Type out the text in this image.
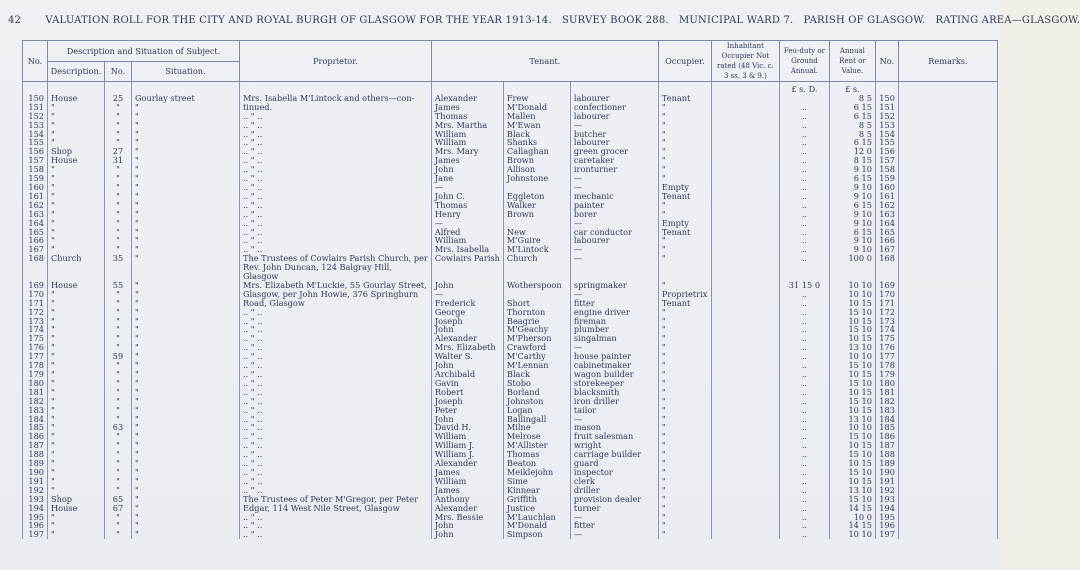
42 VALUATION ROLL FOR THE CITY AND ROYAL BURGH OF GLASGOW FOR THE YEAR 1913-14. SURVEY BOOK 288. MUNICIPAL WARD 7. PARISH OF GLASGOW. RATING AREA—GLASGOW.
No.	Description and Situation of Subject.			Proprietor.	Tenant.			Occupier.	Inhabitant Occupier Not rated (48 Vic. c. 3 ss. 3 & 9.)	Feu-duty or Ground Annual.	Annual Rent or Value.	No.	Remarks.
	Description.	No.	Situation.										
										£ s. D.	£ s.		
150	House	25	Gourlay street	Mrs. Isabella M'Lintock and others—con-	Alexander	Frew	labourer	Tenant			8 5	150	
151	"	"	"	tinued.	James	M'Donald	confectioner	"		..	6 15	151	
152	"	"	"	.. " ..	Thomas	Mallen	labourer	"		..	6 15	152	
153	"	"	"	.. " ..	Mrs. Martha	M'Ewan	—	"		..	8 5	153	
154	"	"	"	.. " ..	William	Black	butcher	"		..	8 5	154	
155	"	"	"	.. " ..	William	Shanks	labourer	"		..	6 15	155	
156	Shop	27	"	.. " ..	Mrs. Mary	Callaghan	green grocer	"		..	12 0	156	
157	House	31	"	.. " ..	James	Brown	caretaker	"		..	8 15	157	
158	"	"	"	.. " ..	John	Allison	ironturner	"		..	9 10	158	
159	"	"	"	.. " ..	Jane	Johnstone	—	"		..	6 15	159	
160	"	"	"	.. " ..	—		—	Empty		..	9 10	160	
161	"	"	"	.. " ..	John C.	Eggleton	mechanic	Tenant		..	9 10	161	
162	"	"	"	.. " ..	Thomas	Walker	painter	"		..	6 15	162	
163	"	"	"	.. " ..	Henry	Brown	borer	"		..	9 10	163	
164	"	"	"	.. " ..	—		—	Empty		..	9 10	164	
165	"	"	"	.. " ..	Alfred	New	car conductor	Tenant		..	6 15	165	
166	"	"	"	.. " ..	William	M'Guire	labourer	"		..	9 10	166	
167	"	"	"	.. " ..	Mrs. Isabella	M'Lintock	—	"		..	9 10	167	
168	Church	35	"	The Trustees of Cowlairs Parish Church, per	Cowlairs Parish	Church	—	"		..	100 0	168	
				Rev. John Duncan, 124 Balgray Hill,									
				Glasgow									
169	House	55	"	Mrs. Elizabeth M'Luckie, 55 Gourlay Street,	John	Wotherspoon	springmaker	"		31 15 0	10 10	169	
170	"	"	"	Glasgow, per John Howie, 376 Springburn	—		—	Proprietrix		..	10 10	170	
171	"	"	"	Road, Glasgow	Frederick	Short	fitter	Tenant		..	10 15	171	
172	"	"	"	.. " ..	George	Thornton	engine driver	"		..	15 10	172	
173	"	"	"	.. " ..	Joseph	Beagrie	fireman	"		..	10 15	173	
174	"	"	"	.. " ..	John	M'Geachy	plumber	"		..	15 10	174	
175	"	"	"	.. " ..	Alexander	M'Pherson	singalman	"		..	10 15	175	
176	"	"	"	.. " ..	Mrs. Elizabeth	Crawford	—	"		..	13 10	176	
177	"	59	"	.. " ..	Walter S.	M'Carthy	house painter	"		..	10 10	177	
178	"	"	"	.. " ..	John	M'Lennan	cabinetmaker	"		..	15 10	178	
179	"	"	"	.. " ..	Archibald	Black	wagon builder	"		..	10 15	179	
180	"	"	"	.. " ..	Gavin	Stobo	storekeeper	"		..	15 10	180	
181	"	"	"	.. " ..	Robert	Borland	blacksmith	"		..	10 15	181	
182	"	"	"	.. " ..	Joseph	Johnston	iron driller	"		..	15 10	182	
183	"	"	"	.. " ..	Peter	Logan	tailor	"		..	10 15	183	
184	"	"	"	.. " ..	John	Ballingall	—	"		..	13 10	184	
185	"	63	"	.. " ..	David H.	Milne	mason	"		..	10 10	185	
186	"	"	"	.. " ..	William	Melrose	fruit salesman	"		..	15 10	186	
187	"	"	"	.. " ..	William J.	M'Allister	wright	"		..	10 15	187	
188	"	"	"	.. " ..	William J.	Thomas	carriage builder	"		..	15 10	188	
189	"	"	"	.. " ..	Alexander	Beaton	guard	"		..	10 15	189	
190	"	"	"	.. " ..	James	Meiklejohn	inspector	"		..	15 10	190	
191	"	"	"	.. " ..	William	Sime	clerk	"		..	10 15	191	
192	"	"	"	.. " ..	James	Kinnear	driller	"		..	13 10	192	
193	Shop	65	"	The Trustees of Peter M'Gregor, per Peter	Anthony	Griffith	provision dealer	"		..	15 10	193	
194	House	67	"	Edgar, 114 West Nile Street, Glasgow	Alexander	Justice	turner	"		..	14 15	194	
195	"	"	"	.. " ..	Mrs. Bessie	M'Lauchlan	—	"		..	10 0	195	
196	"	"	"	.. " ..	John	M'Donald	fitter	"		..	14 15	196	
197	"	"	"	.. " ..	John	Simpson	—	"		..	10 10	197	
